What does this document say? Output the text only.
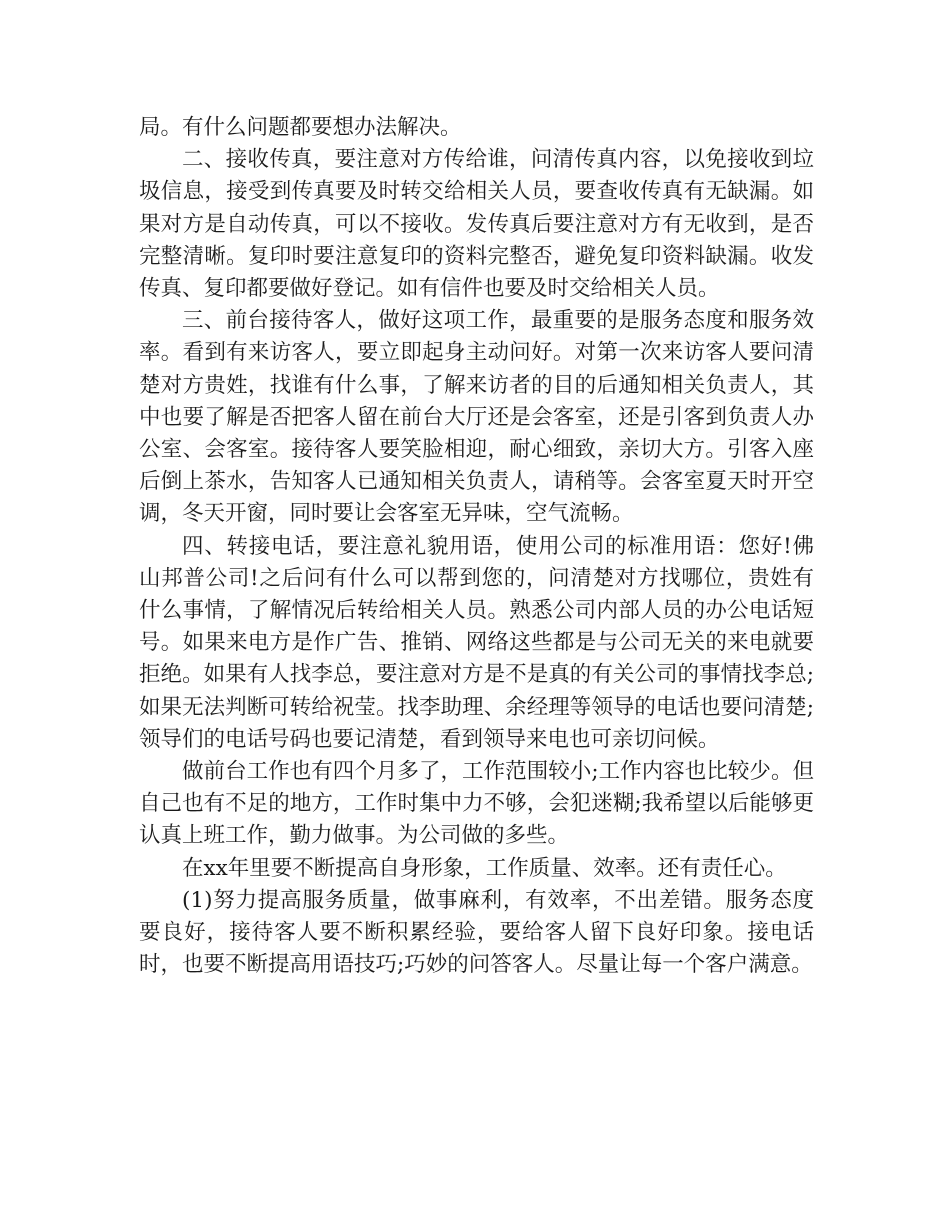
局。有什么问题都要想办法解决。

二、接收传真，要注意对方传给谁，问清传真内容，以免接收到垃圾信息，接受到传真要及时转交给相关人员，要查收传真有无缺漏。如果对方是自动传真，可以不接收。发传真后要注意对方有无收到，是否完整清晰。复印时要注意复印的资料完整否，避免复印资料缺漏。收发传真、复印都要做好登记。如有信件也要及时交给相关人员。

三、前台接待客人，做好这项工作，最重要的是服务态度和服务效率。看到有来访客人，要立即起身主动问好。对第一次来访客人要问清楚对方贵姓，找谁有什么事，了解来访者的目的后通知相关负责人，其中也要了解是否把客人留在前台大厅还是会客室，还是引客到负责人办公室、会客室。接待客人要笑脸相迎，耐心细致，亲切大方。引客入座后倒上茶水，告知客人已通知相关负责人，请稍等。会客室夏天时开空调，冬天开窗，同时要让会客室无异味，空气流畅。

四、转接电话，要注意礼貌用语，使用公司的标准用语：您好!佛山邦普公司!之后问有什么可以帮到您的，问清楚对方找哪位，贵姓有什么事情，了解情况后转给相关人员。熟悉公司内部人员的办公电话短号。如果来电方是作广告、推销、网络这些都是与公司无关的来电就要拒绝。如果有人找李总，要注意对方是不是真的有关公司的事情找李总;如果无法判断可转给祝莹。找李助理、余经理等领导的电话也要问清楚;领导们的电话号码也要记清楚，看到领导来电也可亲切问候。

做前台工作也有四个月多了，工作范围较小;工作内容也比较少。但自己也有不足的地方，工作时集中力不够，会犯迷糊;我希望以后能够更认真上班工作，勤力做事。为公司做的多些。

在xx年里要不断提高自身形象，工作质量、效率。还有责任心。

(1)努力提高服务质量，做事麻利，有效率，不出差错。服务态度要良好，接待客人要不断积累经验，要给客人留下良好印象。接电话时，也要不断提高用语技巧;巧妙的问答客人。尽量让每一个客户满意。
